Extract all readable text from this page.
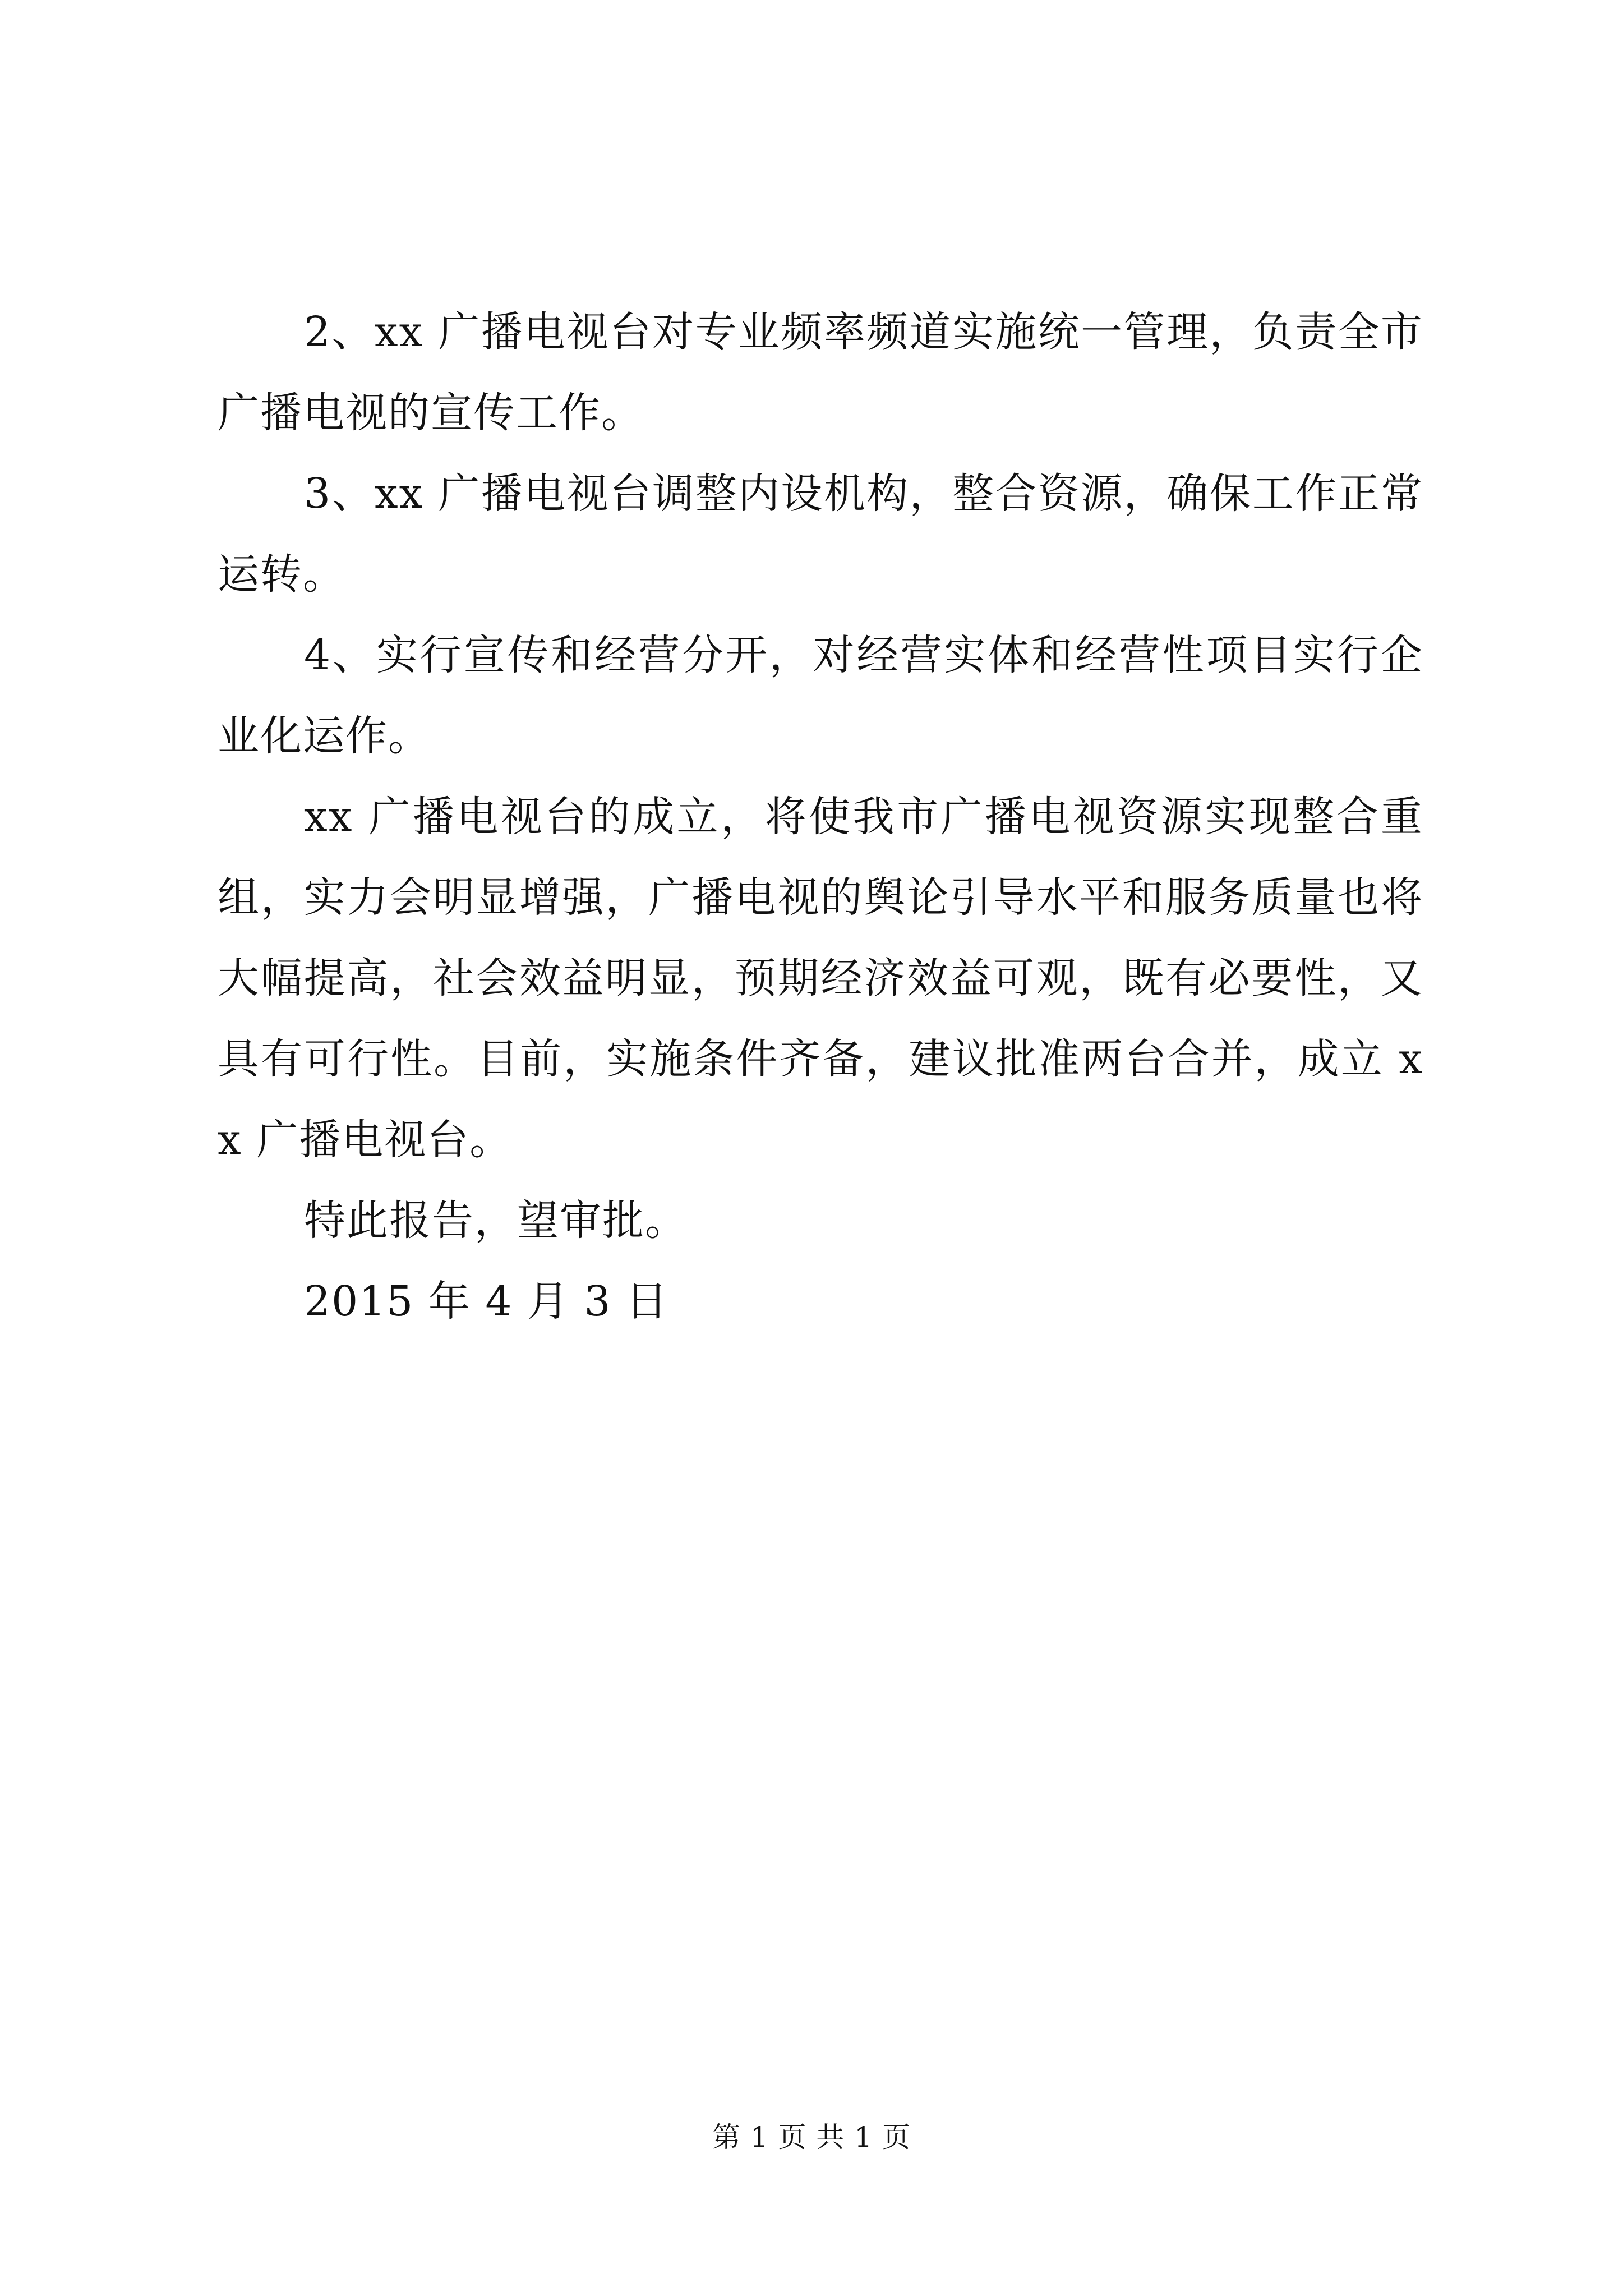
2、xx 广播电视台对专业频率频道实施统一管理，负责全市广播电视的宣传工作。

3、xx 广播电视台调整内设机构，整合资源，确保工作正常运转。

4、实行宣传和经营分开，对经营实体和经营性项目实行企业化运作。

xx 广播电视台的成立，将使我市广播电视资源实现整合重组，实力会明显增强，广播电视的舆论引导水平和服务质量也将大幅提高，社会效益明显，预期经济效益可观，既有必要性，又具有可行性。目前，实施条件齐备，建议批准两台合并，成立 xx 广播电视台。

特此报告，望审批。

2015 年 4 月 3 日

第 1 页 共 1 页
